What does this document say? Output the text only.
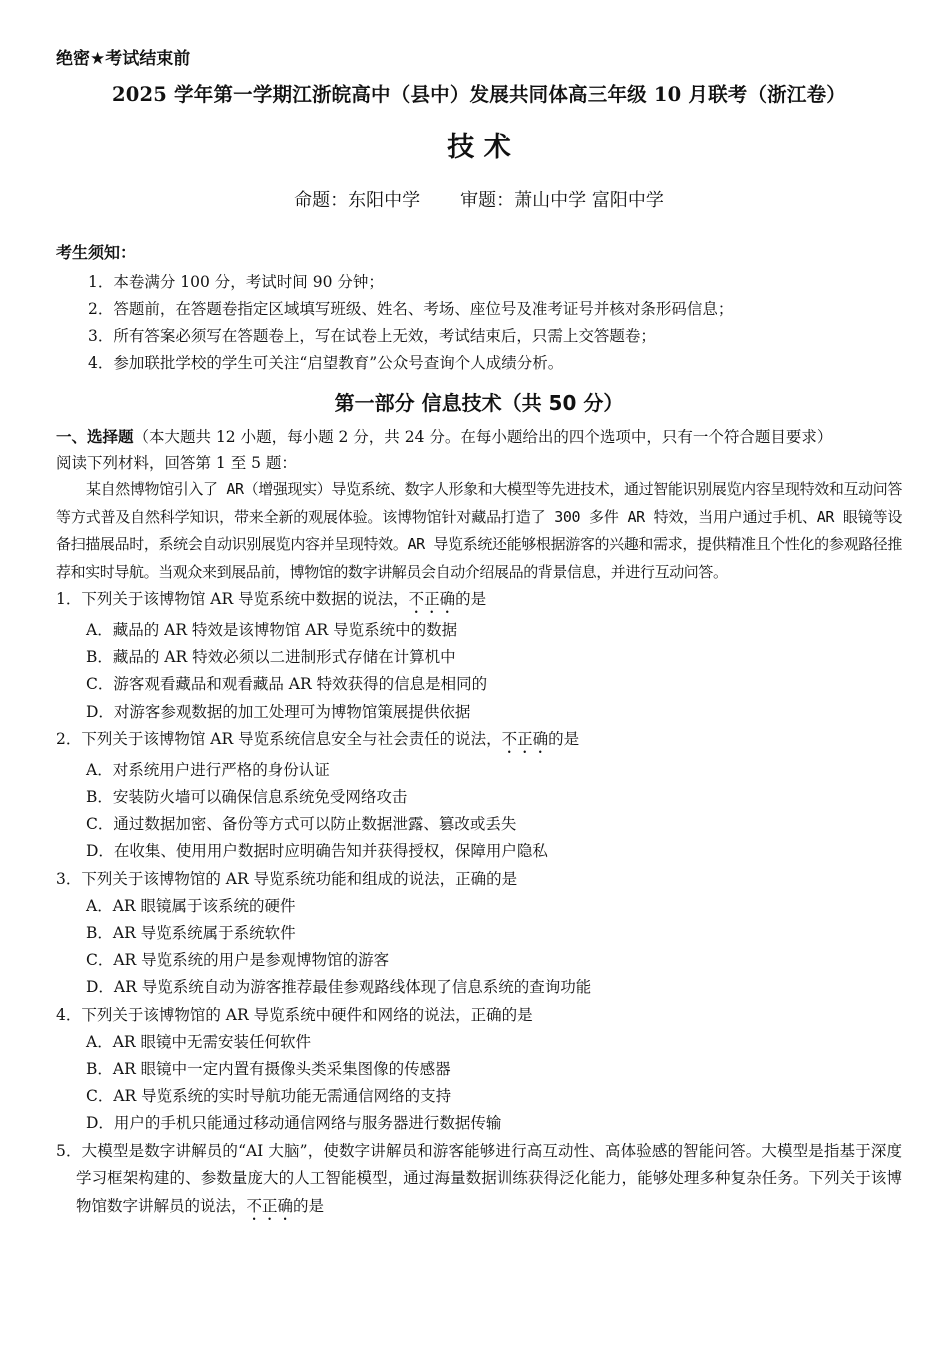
绝密★考试结束前
2025 学年第一学期江浙皖高中（县中）发展共同体高三年级 10 月联考（浙江卷）
技 术
命题：东阳中学 审题：萧山中学 富阳中学
考生须知：
1．本卷满分 100 分，考试时间 90 分钟；
2．答题前，在答题卷指定区域填写班级、姓名、考场、座位号及准考证号并核对条形码信息；
3．所有答案必须写在答题卷上，写在试卷上无效，考试结束后，只需上交答题卷；
4．参加联批学校的学生可关注“启望教育”公众号查询个人成绩分析。
第一部分 信息技术（共 50 分）
一、选择题（本大题共 12 小题，每小题 2 分，共 24 分。在每小题给出的四个选项中，只有一个符合题目要求）
阅读下列材料，回答第 1 至 5 题：
某自然博物馆引入了 AR（增强现实）导览系统、数字人形象和大模型等先进技术，通过智能识别展览内容呈现特效和互动问答等方式普及自然科学知识，带来全新的观展体验。该博物馆针对藏品打造了 300 多件 AR 特效，当用户通过手机、AR 眼镜等设备扫描展品时，系统会自动识别展览内容并呈现特效。AR 导览系统还能够根据游客的兴趣和需求，提供精准且个性化的参观路径推荐和实时导航。当观众来到展品前，博物馆的数字讲解员会自动介绍展品的背景信息，并进行互动问答。
1．下列关于该博物馆 AR 导览系统中数据的说法，不正确的是
A．藏品的 AR 特效是该博物馆 AR 导览系统中的数据
B．藏品的 AR 特效必须以二进制形式存储在计算机中
C．游客观看藏品和观看藏品 AR 特效获得的信息是相同的
D．对游客参观数据的加工处理可为博物馆策展提供依据
2．下列关于该博物馆 AR 导览系统信息安全与社会责任的说法，不正确的是
A．对系统用户进行严格的身份认证
B．安装防火墙可以确保信息系统免受网络攻击
C．通过数据加密、备份等方式可以防止数据泄露、篡改或丢失
D．在收集、使用用户数据时应明确告知并获得授权，保障用户隐私
3．下列关于该博物馆的 AR 导览系统功能和组成的说法，正确的是
A．AR 眼镜属于该系统的硬件
B．AR 导览系统属于系统软件
C．AR 导览系统的用户是参观博物馆的游客
D．AR 导览系统自动为游客推荐最佳参观路线体现了信息系统的查询功能
4．下列关于该博物馆的 AR 导览系统中硬件和网络的说法，正确的是
A．AR 眼镜中无需安装任何软件
B．AR 眼镜中一定内置有摄像头类采集图像的传感器
C．AR 导览系统的实时导航功能无需通信网络的支持
D．用户的手机只能通过移动通信网络与服务器进行数据传输
5．大模型是数字讲解员的“AI 大脑”，使数字讲解员和游客能够进行高互动性、高体验感的智能问答。大模型是指基于深度学习框架构建的、参数量庞大的人工智能模型，通过海量数据训练获得泛化能力，能够处理多种复杂任务。下列关于该博物馆数字讲解员的说法，不正确的是
